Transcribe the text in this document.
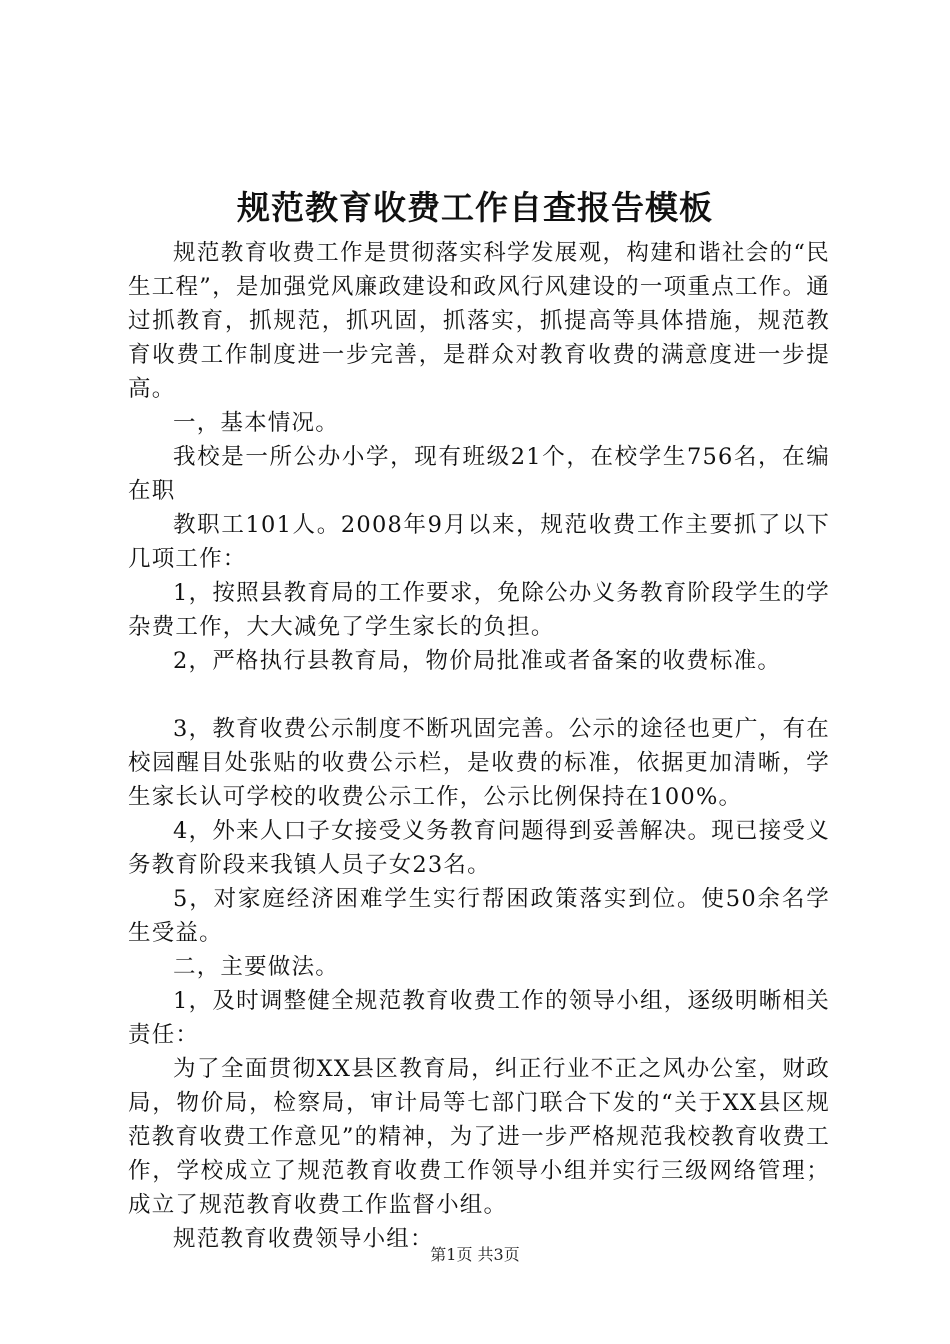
规范教育收费工作自查报告模板

规范教育收费工作是贯彻落实科学发展观，构建和谐社会的“民生工程”，是加强党风廉政建设和政风行风建设的一项重点工作。通过抓教育，抓规范，抓巩固，抓落实，抓提高等具体措施，规范教育收费工作制度进一步完善，是群众对教育收费的满意度进一步提高。

一，基本情况。

我校是一所公办小学，现有班级21个，在校学生756名，在编在职

教职工101人。2008年9月以来，规范收费工作主要抓了以下几项工作：

1，按照县教育局的工作要求，免除公办义务教育阶段学生的学杂费工作，大大减免了学生家长的负担。

2，严格执行县教育局，物价局批准或者备案的收费标准。

3，教育收费公示制度不断巩固完善。公示的途径也更广，有在校园醒目处张贴的收费公示栏，是收费的标准，依据更加清晰，学生家长认可学校的收费公示工作，公示比例保持在100%。

4，外来人口子女接受义务教育问题得到妥善解决。现已接受义务教育阶段来我镇人员子女23名。

5，对家庭经济困难学生实行帮困政策落实到位。使50余名学生受益。

二，主要做法。

1，及时调整健全规范教育收费工作的领导小组，逐级明晰相关责任：

为了全面贯彻XX县区教育局，纠正行业不正之风办公室，财政局，物价局，检察局，审计局等七部门联合下发的“关于XX县区规范教育收费工作意见”的精神，为了进一步严格规范我校教育收费工作，学校成立了规范教育收费工作领导小组并实行三级网络管理；成立了规范教育收费工作监督小组。

规范教育收费领导小组：

第1页 共3页
